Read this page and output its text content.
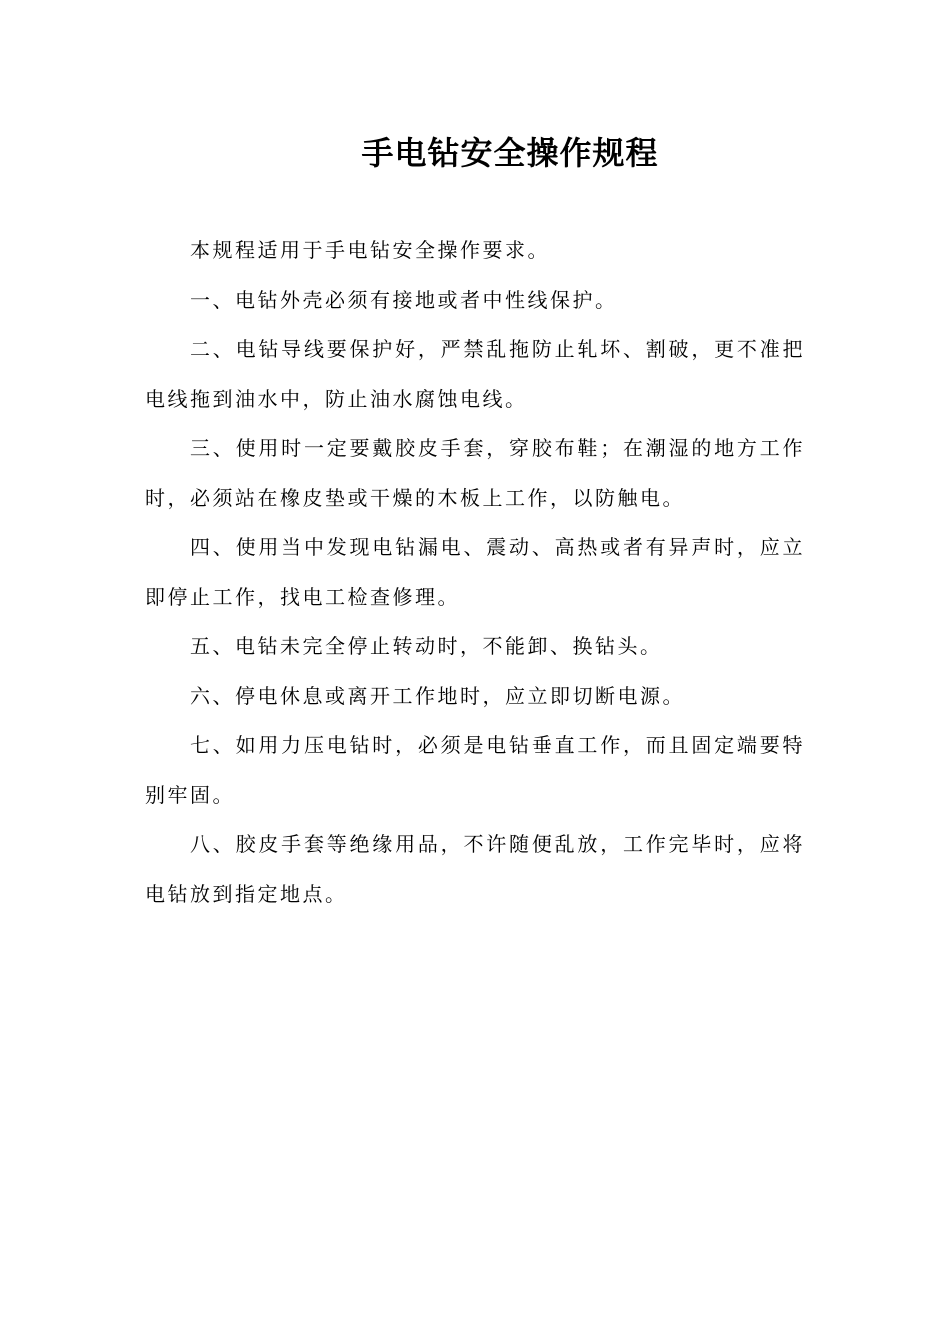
手电钻安全操作规程

本规程适用于手电钻安全操作要求。

一、电钻外壳必须有接地或者中性线保护。

二、电钻导线要保护好，严禁乱拖防止轧坏、割破，更不准把电线拖到油水中，防止油水腐蚀电线。

三、使用时一定要戴胶皮手套，穿胶布鞋；在潮湿的地方工作时，必须站在橡皮垫或干燥的木板上工作，以防触电。

四、使用当中发现电钻漏电、震动、高热或者有异声时，应立即停止工作，找电工检查修理。

五、电钻未完全停止转动时，不能卸、换钻头。

六、停电休息或离开工作地时，应立即切断电源。

七、如用力压电钻时，必须是电钻垂直工作，而且固定端要特别牢固。

八、胶皮手套等绝缘用品，不许随便乱放，工作完毕时，应将电钻放到指定地点。
